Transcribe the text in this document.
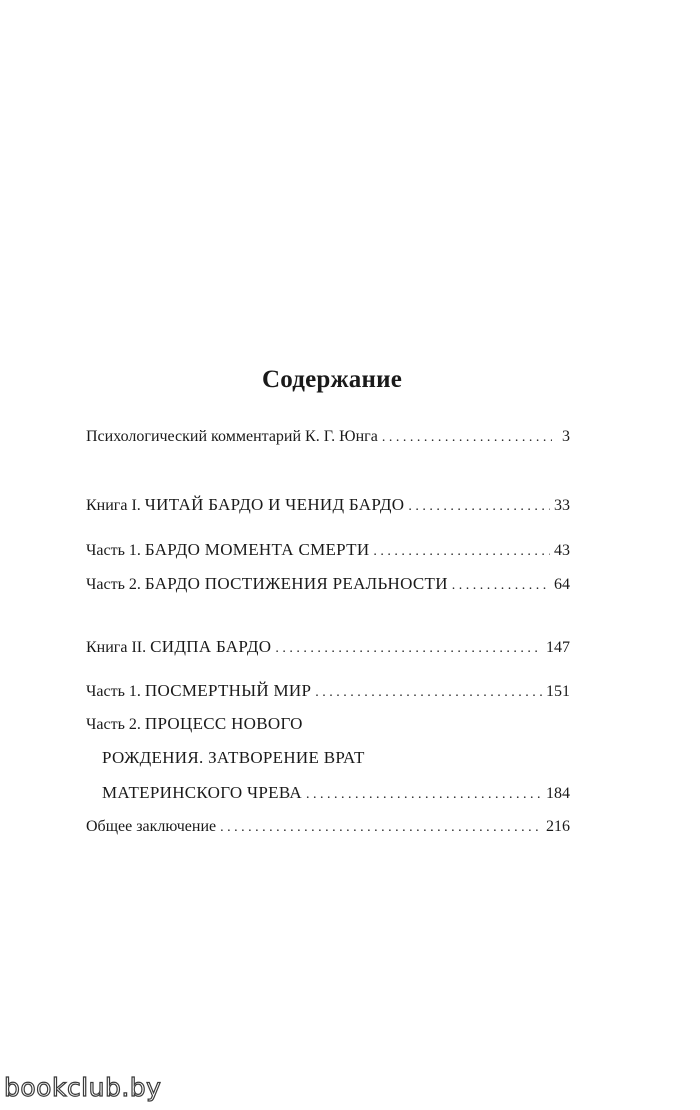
Содержание
Психологический комментарий К. Г. Юнга . . .	3
Книга I. ЧИТАЙ БАРДО И ЧЕНИД БАРДО . . .	33
Часть 1. БАРДО МОМЕНТА СМЕРТИ . . .	43
Часть 2. БАРДО ПОСТИЖЕНИЯ РЕАЛЬНОСТИ . . .	64
Книга II. СИДПА БАРДО . . .	147
Часть 1. ПОСМЕРТНЫЙ МИР . . .	151
Часть 2. ПРОЦЕСС НОВОГО
РОЖДЕНИЯ. ЗАТВОРЕНИЕ ВРАТ
МАТЕРИНСКОГО ЧРЕВА . . .	184
Общее заключение . . .	216
bookclub.by
